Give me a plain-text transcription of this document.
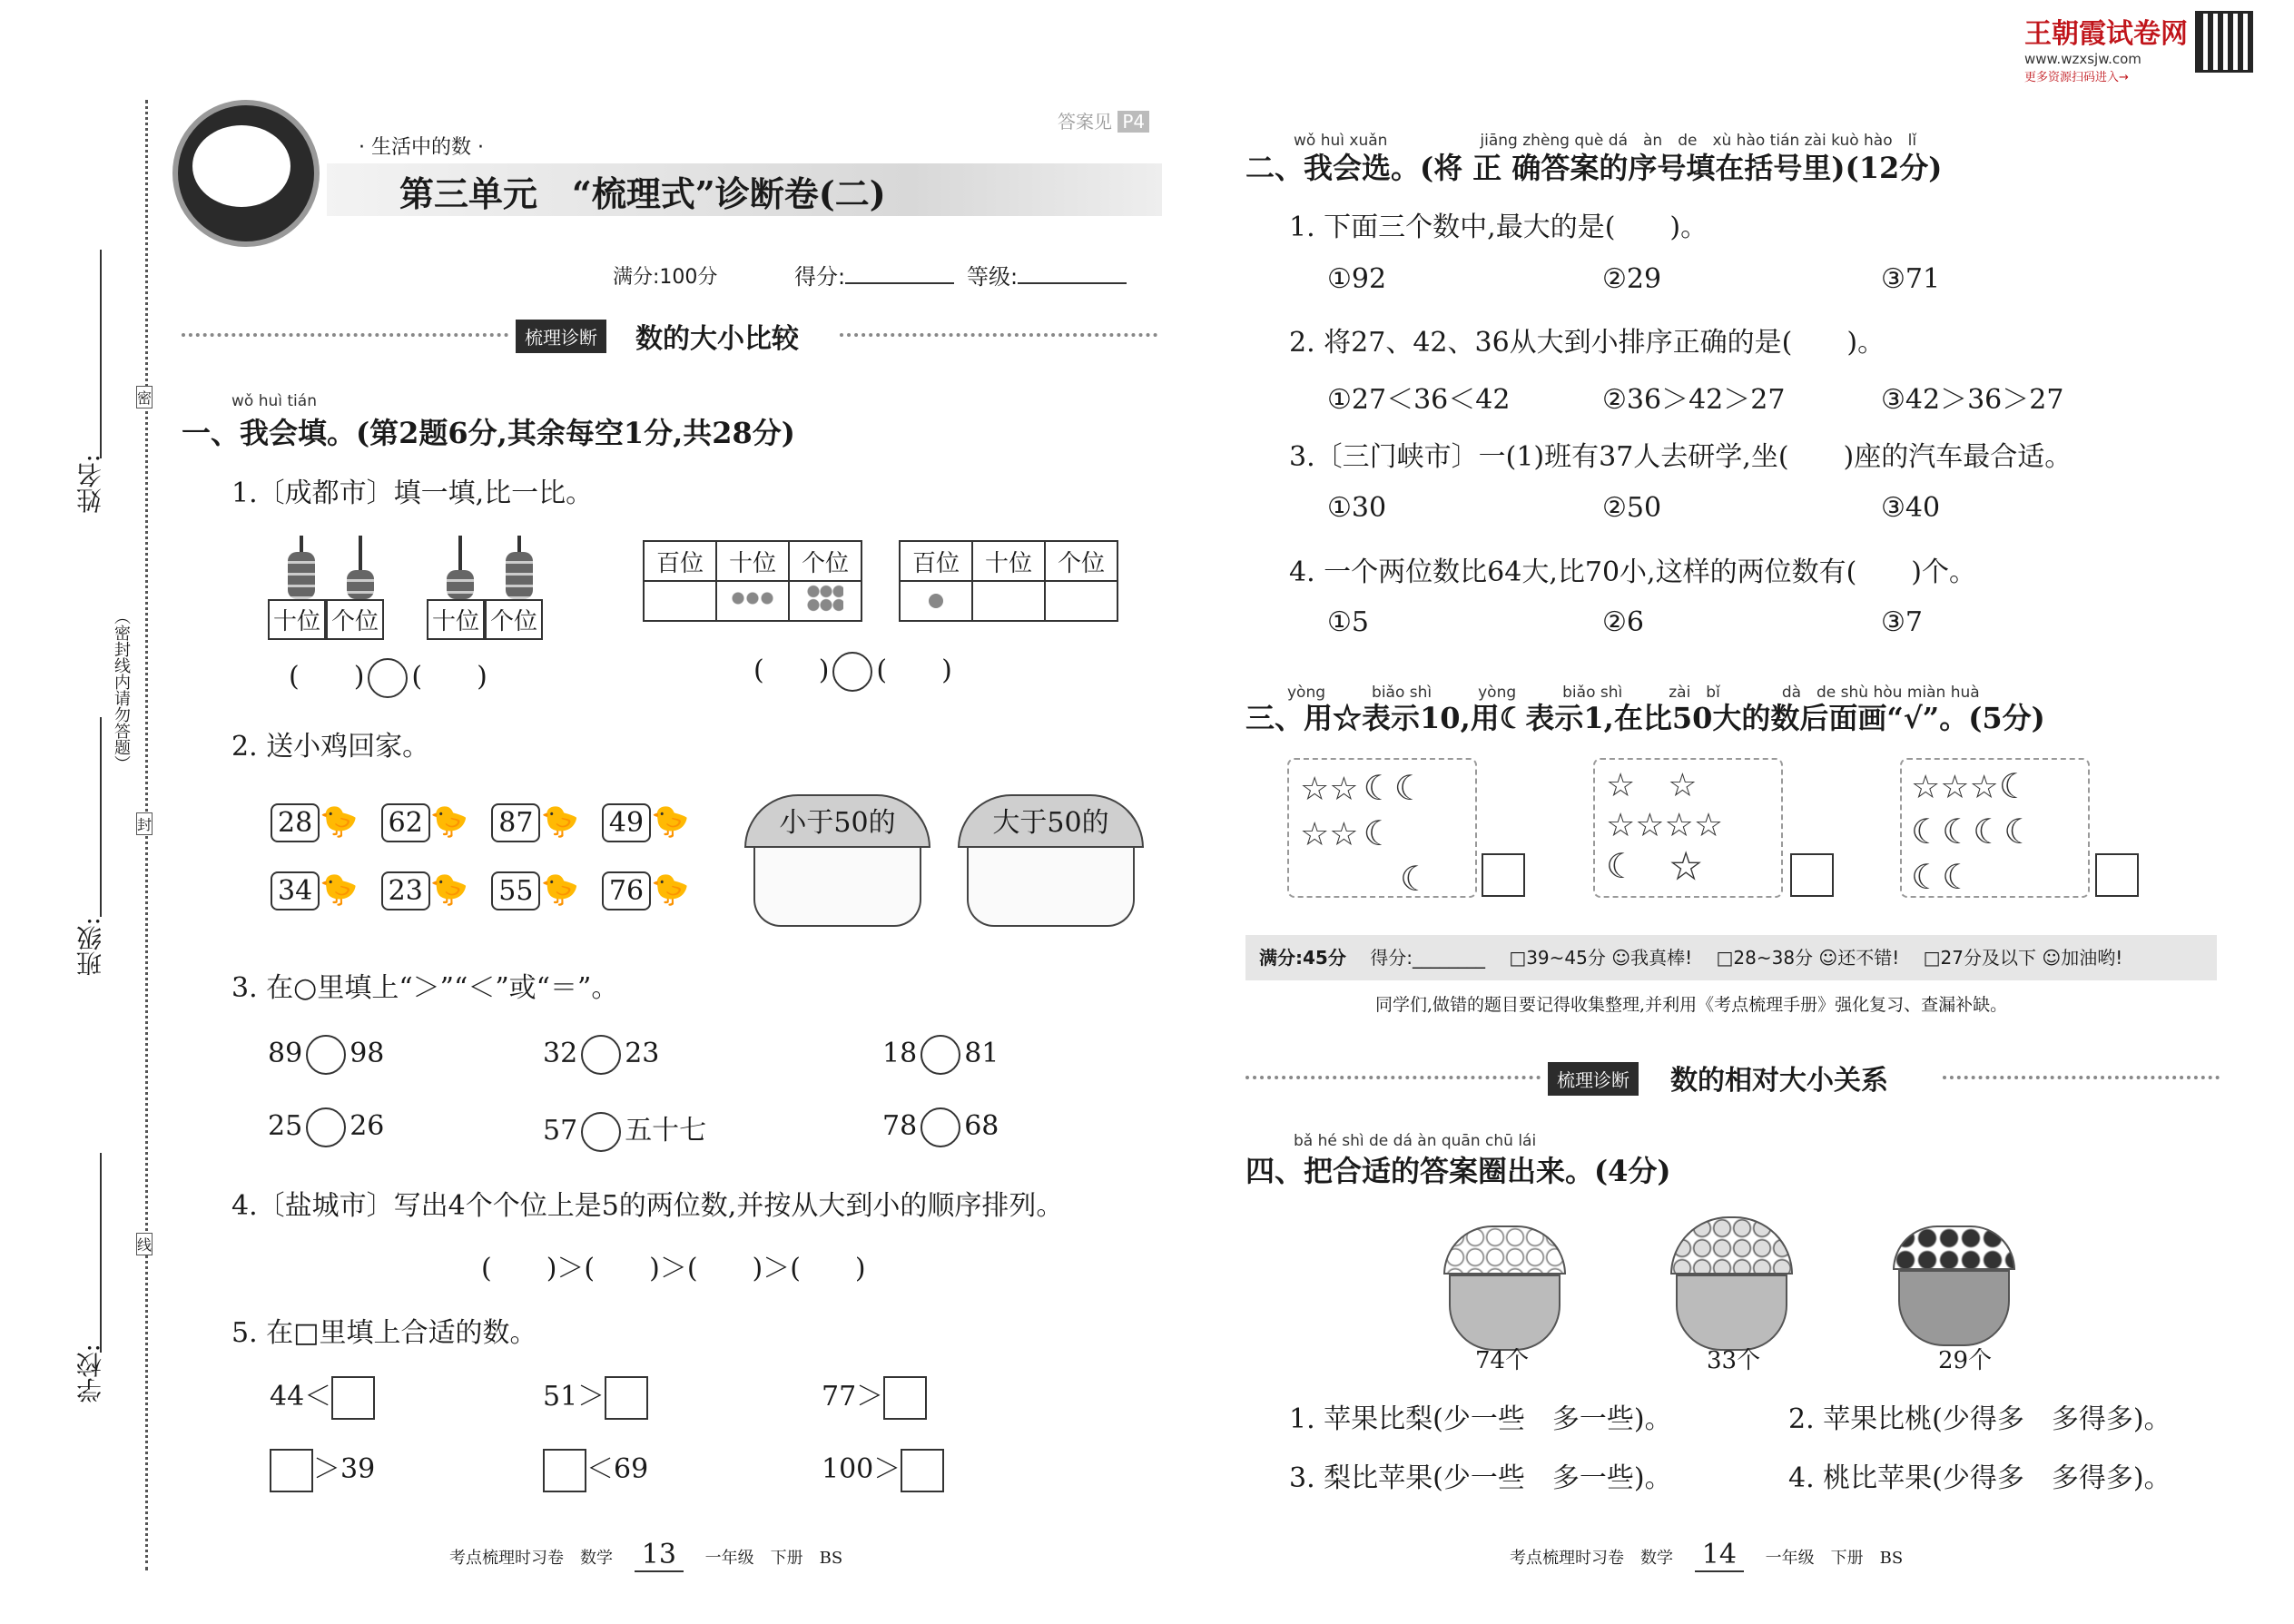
王朝霞试卷网
www.wzxsjw.com
更多资源扫码进入→
姓名:
班级:
学校:
（密封线内请勿答题）
密
封
线
答案见 P4
· 生活中的数 ·
第三单元　“梳理式”诊断卷(二)
满分:100分	得分:	等级:
梳理诊断	数的大小比较
wǒ huì tián
一、我会填。(第2题6分,其余每空1分,共28分)
1.〔成都市〕填一填,比一比。
十位 个位 十位 个位
(　　) (　　)
百位	十位	个位
			百位	十位	个位

(　　) (　　)
2. 送小鸡回家。
28 🐤 62 🐤 87 🐤 49 🐤
34 🐤 23 🐤 55 🐤 76 🐤
小于50的	大于50的
3. 在○里填上“＞”“＜”或“＝”。
89 98	32 23	18 81
25 26	57 五十七	78 68
4.〔盐城市〕写出4个个位上是5的两位数,并按从大到小的顺序排列。
(　　)＞(　　)＞(　　)＞(　　)
5. 在□里填上合适的数。
44＜	51＞	77＞
＞39	＜69	100＞
考点梳理时习卷　 数学　 13　 一年级　 下册　 BS
wǒ huì xuǎn　　　　　　jiāng zhèng què dá　àn　de　xù hào tián zài kuò hào　lǐ
二、我会选。(将 正 确答案的序号填在括号里)(12分)
1. 下面三个数中,最大的是(　　)。
①92	②29	③71
2. 将27、42、36从大到小排序正确的是(　　)。
①27＜36＜42	②36＞42＞27	③42＞36＞27
3.〔三门峡市〕一(1)班有37人去研学,坐(　　)座的汽车最合适。
①30	②50	③40
4. 一个两位数比64大,比70小,这样的两位数有(　　)个。
①5	②6	③7
yòng　　　biǎo shì　　　yòng　　　biǎo shì　　　zài　bǐ　　　　dà　de shù hòu miàn huà
三、用☆表示10,用☾表示1,在比50大的数后面画“√”。(5分)
☆☆ ☾☾
☆☆ ☾
☾
☆　☆
☆☆☆☆
☾　☆
☆☆☆☾
☾☾☾☾
☾☾
满分:45分　 得分:________　 □39~45分 ☺我真棒!　 □28~38分 ☺还不错!　 □27分及以下 ☺加油哟!
同学们,做错的题目要记得收集整理,并利用《考点梳理手册》强化复习、查漏补缺。
梳理诊断	数的相对大小关系
bǎ hé shì de dá àn quān chū lái
四、把合适的答案圈出来。(4分)
74个	33个	29个
1. 苹果比梨(少一些　多一些)。	2. 苹果比桃(少得多　多得多)。
3. 梨比苹果(少一些　多一些)。	4. 桃比苹果(少得多　多得多)。
考点梳理时习卷　 数学　 14　 一年级　 下册　 BS
